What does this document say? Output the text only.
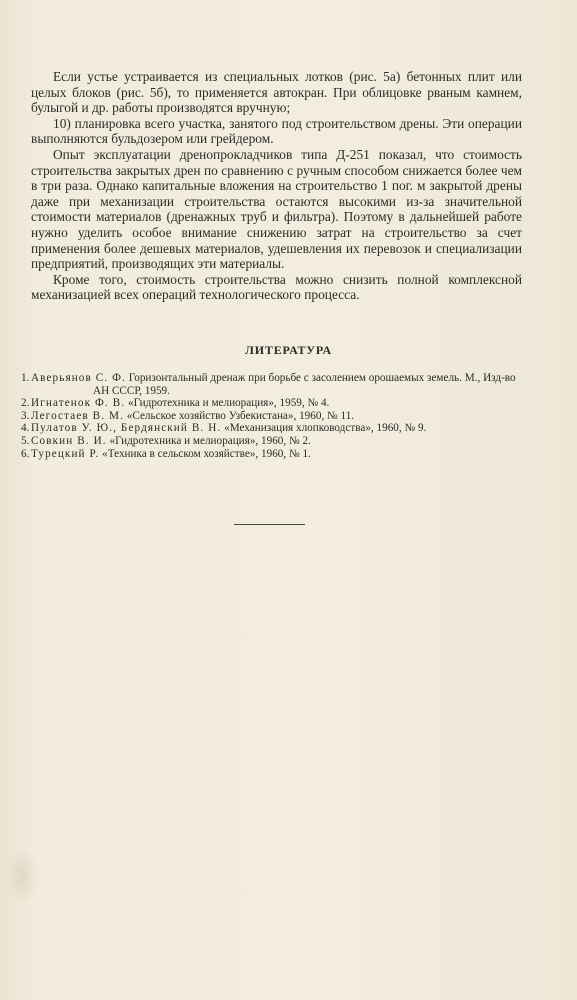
Если устье устраивается из специальных лотков (рис. 5а) бетонных плит или целых блоков (рис. 5б), то применяется автокран. При облицовке рваным камнем, булыгой и др. работы производятся вручную;

10) планировка всего участка, занятого под строительством дрены. Эти операции выполняются бульдозером или грейдером.

Опыт эксплуатации дренопрокладчиков типа Д-251 показал, что стоимость строительства закрытых дрен по сравнению с ручным способом снижается более чем в три раза. Однако капитальные вложения на строительство 1 пог. м закрытой дрены даже при механизации строительства остаются высокими из-за значительной стоимости материалов (дренажных труб и фильтра). Поэтому в дальнейшей работе нужно уделить особое внимание снижению затрат на строительство за счет применения более дешевых материалов, удешевления их перевозок и специализации предприятий, производящих эти материалы.

Кроме того, стоимость строительства можно снизить полной комплексной механизацией всех операций технологического процесса.

ЛИТЕРАТУРА
1. Аверьянов С. Ф. Горизонтальный дренаж при борьбе с засолением орошаемых земель. М., Изд-во АН СССР, 1959.
2. Игнатенок Ф. В. «Гидротехника и мелиорация», 1959, № 4.
3. Легостаев В. М. «Сельское хозяйство Узбекистана», 1960, № 11.
4. Пулатов У. Ю., Бердянский В. Н. «Механизация хлопководства», 1960, № 9.
5. Совкин В. И. «Гидротехника и мелиорация», 1960, № 2.
6. Турецкий Р. «Техника в сельском хозяйстве», 1960, № 1.
